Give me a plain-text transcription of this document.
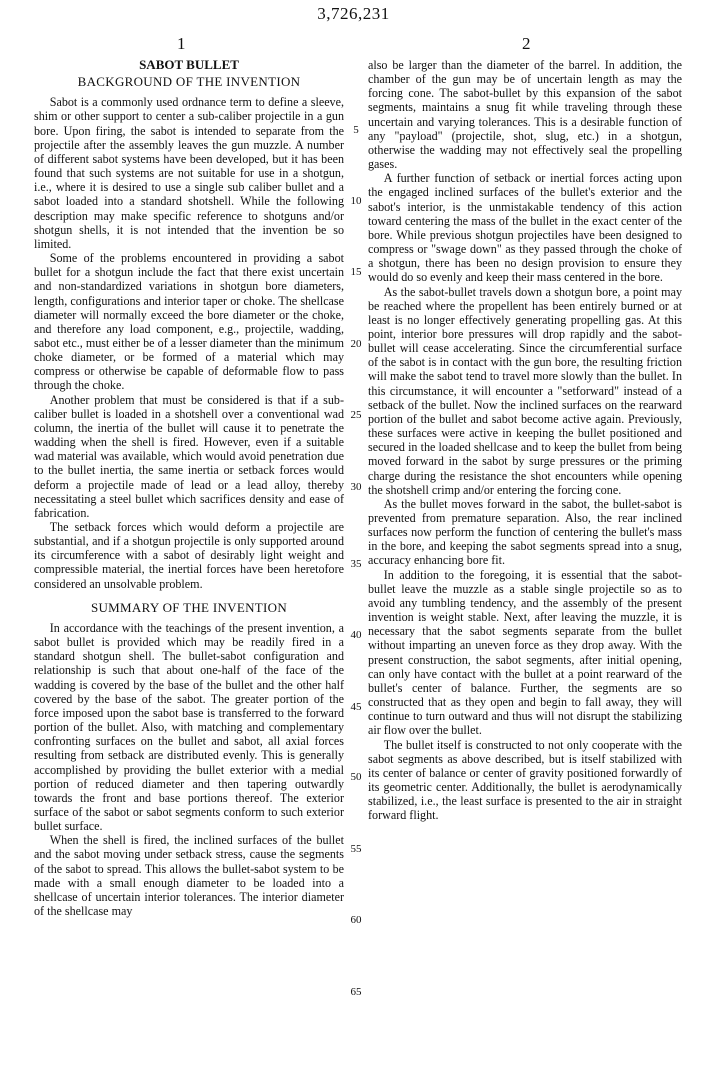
3,726,231
1	2
SABOT BULLET
BACKGROUND OF THE INVENTION

Sabot is a commonly used ordnance term to define a sleeve, shim or other support to center a sub-caliber projectile in a gun bore. Upon firing, the sabot is intended to separate from the projectile after the assembly leaves the gun muzzle. A number of different sabot systems have been developed, but it has been found that such systems are not suitable for use in a shotgun, i.e., where it is desired to use a single sub caliber bullet and a sabot loaded into a standard shotshell. While the following description may make specific reference to shotguns and/or shotgun shells, it is not intended that the invention be so limited.

Some of the problems encountered in providing a sabot bullet for a shotgun include the fact that there exist uncertain and non-standardized variations in shotgun bore diameters, length, configurations and interior taper or choke. The shellcase diameter will normally exceed the bore diameter or the choke, and therefore any load component, e.g., projectile, wadding, sabot etc., must either be of a lesser diameter than the minimum choke diameter, or be formed of a material which may compress or otherwise be capable of deformable flow to pass through the choke.

Another problem that must be considered is that if a sub-caliber bullet is loaded in a shotshell over a conventional wad column, the inertia of the bullet will cause it to penetrate the wadding when the shell is fired. However, even if a suitable wad material was available, which would avoid penetration due to the bullet inertia, the same inertia or setback forces would deform a projectile made of lead or a lead alloy, thereby necessitating a steel bullet which sacrifices density and ease of fabrication.

The setback forces which would deform a projectile are substantial, and if a shotgun projectile is only supported around its circumference with a sabot of desirably light weight and compressible material, the inertial forces have been heretofore considered an unsolvable problem.

SUMMARY OF THE INVENTION

In accordance with the teachings of the present invention, a sabot bullet is provided which may be readily fired in a standard shotgun shell. The bullet-sabot configuration and relationship is such that about one-half of the face of the wadding is covered by the base of the bullet and the other half covered by the base of the sabot. The greater portion of the force imposed upon the sabot base is transferred to the forward portion of the bullet. Also, with matching and complementary confronting surfaces on the bullet and sabot, all axial forces resulting from setback are distributed evenly. This is generally accomplished by providing the bullet exterior with a medial portion of reduced diameter and then tapering outwardly towards the front and base portions thereof. The exterior surface of the sabot or sabot segments conform to such exterior bullet surface.

When the shell is fired, the inclined surfaces of the bullet and the sabot moving under setback stress, cause the segments of the sabot to spread. This allows the bullet-sabot system to be made with a small enough diameter to be loaded into a shellcase of uncertain interior tolerances. The interior diameter of the shellcase may

also be larger than the diameter of the barrel. In addition, the chamber of the gun may be of uncertain length as may the forcing cone. The sabot-bullet by this expansion of the sabot segments, maintains a snug fit while traveling through these uncertain and varying tolerances. This is a desirable function of any "payload" (projectile, shot, slug, etc.) in a shotgun, otherwise the wadding may not effectively seal the propelling gases.

A further function of setback or inertial forces acting upon the engaged inclined surfaces of the bullet's exterior and the sabot's interior, is the unmistakable tendency of this action toward centering the mass of the bullet in the exact center of the bore. While previous shotgun projectiles have been designed to compress or "swage down" as they passed through the choke of a shotgun, there has been no design provision to ensure they would do so evenly and keep their mass centered in the bore.

As the sabot-bullet travels down a shotgun bore, a point may be reached where the propellent has been entirely burned or at least is no longer effectively generating propelling gas. At this point, interior bore pressures will drop rapidly and the sabot-bullet will cease accelerating. Since the circumferential surface of the sabot is in contact with the gun bore, the resulting friction will make the sabot tend to travel more slowly than the bullet. In this circumstance, it will encounter a "setforward" instead of a setback of the bullet. Now the inclined surfaces on the rearward portion of the bullet and sabot become active again. Previously, these surfaces were active in keeping the bullet positioned and secured in the loaded shellcase and to keep the bullet from being moved forward in the sabot by surge pressures or the priming charge during the resistance the shot encounters while opening the shotshell crimp and/or entering the forcing cone.

As the bullet moves forward in the sabot, the bullet-sabot is prevented from premature separation. Also, the rear inclined surfaces now perform the function of centering the bullet's mass in the bore, and keeping the sabot segments spread into a snug, accuracy enhancing bore fit.

In addition to the foregoing, it is essential that the sabot-bullet leave the muzzle as a stable single projectile so as to avoid any tumbling tendency, and the assembly of the present invention is weight stable. Next, after leaving the muzzle, it is necessary that the sabot segments separate from the bullet without imparting an uneven force as they drop away. With the present construction, the sabot segments, after initial opening, can only have contact with the bullet at a point rearward of the bullet's center of balance. Further, the segments are so constructed that as they open and begin to fall away, they will continue to turn outward and thus will not disrupt the stabilizing air flow over the bullet.

The bullet itself is constructed to not only cooperate with the sabot segments as above described, but is itself stabilized with its center of balance or center of gravity positioned forwardly of its geometric center. Additionally, the bullet is aerodynamically stabilized, i.e., the least surface is presented to the air in straight forward flight.

5
10
15
20
25
30
35
40
45
50
55
60
65
